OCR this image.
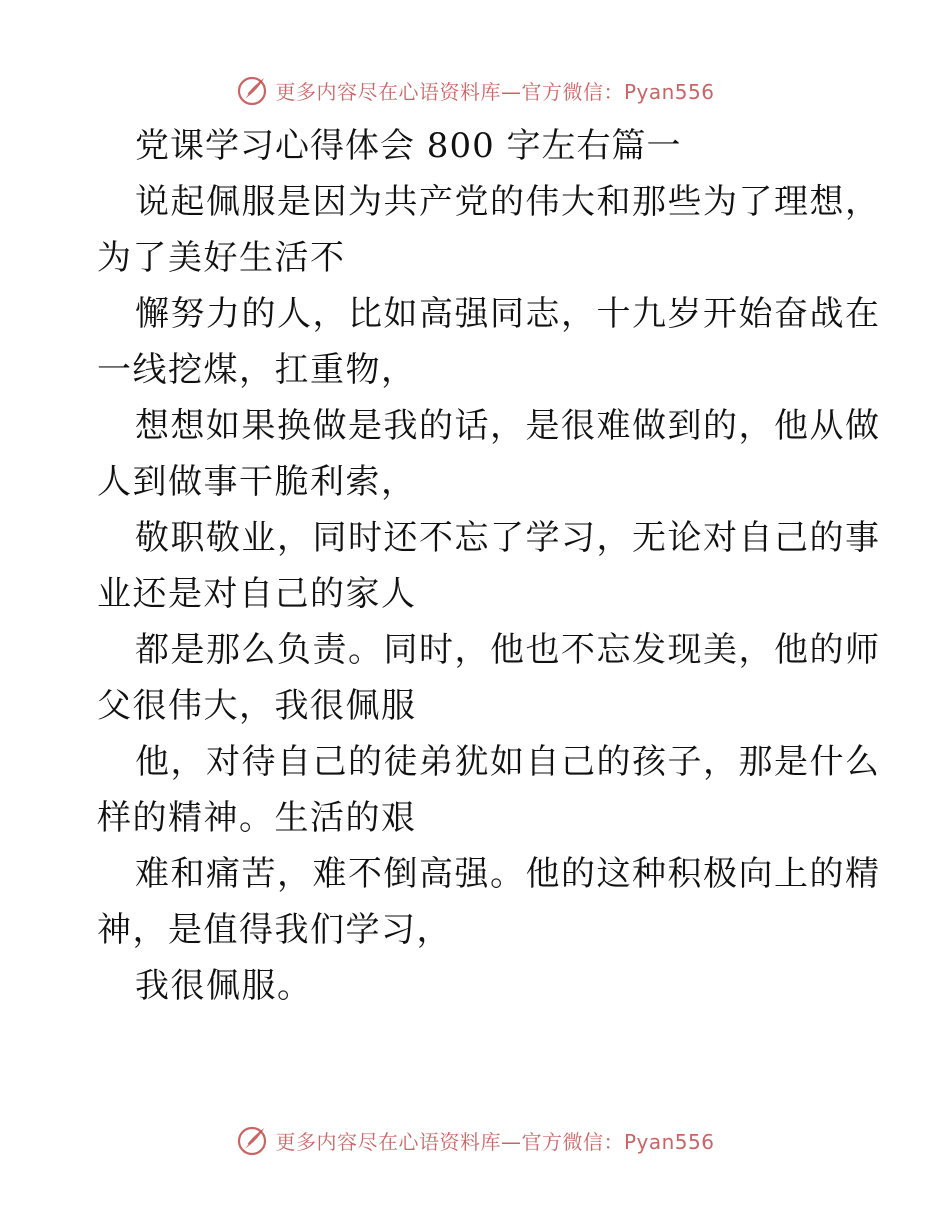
更多内容尽在心语资料库—官方微信：Pyan556
党课学习心得体会 800 字左右篇一
说起佩服是因为共产党的伟大和那些为了理想，
为了美好生活不
懈努力的人，比如高强同志，十九岁开始奋战在
一线挖煤，扛重物，
想想如果换做是我的话，是很难做到的，他从做
人到做事干脆利索，
敬职敬业，同时还不忘了学习，无论对自己的事
业还是对自己的家人
都是那么负责。同时，他也不忘发现美，他的师
父很伟大，我很佩服
他，对待自己的徒弟犹如自己的孩子，那是什么
样的精神。生活的艰
难和痛苦，难不倒高强。他的这种积极向上的精
神，是值得我们学习，
我很佩服。
更多内容尽在心语资料库—官方微信：Pyan556
